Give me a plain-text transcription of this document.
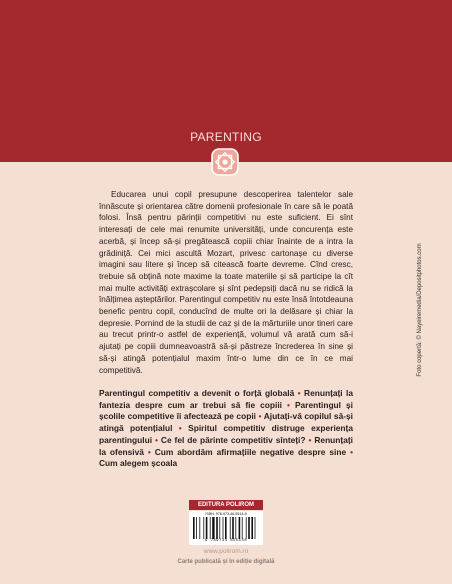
PARENTING

Educarea unui copil presupune descoperirea talentelor sale înnăscute și orientarea către domenii profesionale în care să le poată folosi. Însă pentru părinții competitivi nu este suficient. Ei sînt interesați de cele mai renumite universități, unde concurența este acerbă, și încep să-și pregătească copiii chiar înainte de a intra la grădiniță. Cei mici ascultă Mozart, privesc cartonașe cu diverse imagini sau litere și încep să citească foarte devreme. Cînd cresc, trebuie să obțină note maxime la toate materiile și să participe la cît mai multe activități extrașcolare și sînt pedepsiți dacă nu se ridică la înălțimea așteptărilor. Parentingul competitiv nu este însă întotdeauna benefic pentru copil, conducînd de multe ori la delăsare și chiar la depresie. Pornind de la studii de caz și de la mărturiile unor tineri care au trecut printr-o astfel de experiență, volumul vă arată cum să-i ajutați pe copiii dumneavoastră să-și păstreze încrederea în sine și să-și atingă potențialul maxim într-o lume din ce în ce mai competitivă.

Parentingul competitiv a devenit o forță globală • Renunțați la fantezia despre cum ar trebui să fie copiii • Parentingul și școlile competitive îi afectează pe copii • Ajutați-vă copilul să-și atingă potențialul • Spiritul competitiv distruge experiența parentingului • Ce fel de părinte competitiv sînteți? • Renunțați la ofensivă • Cum abordăm afirmațiile negative despre sine • Cum alegem școala

Foto copertă: © Nayeiremedia/Depositphotos.com
EDITURA POLIROM
ISBN: 978-973-46-5514-8
9 789734 655148
www.polirom.ro
Carte publicată și în ediție digitală
